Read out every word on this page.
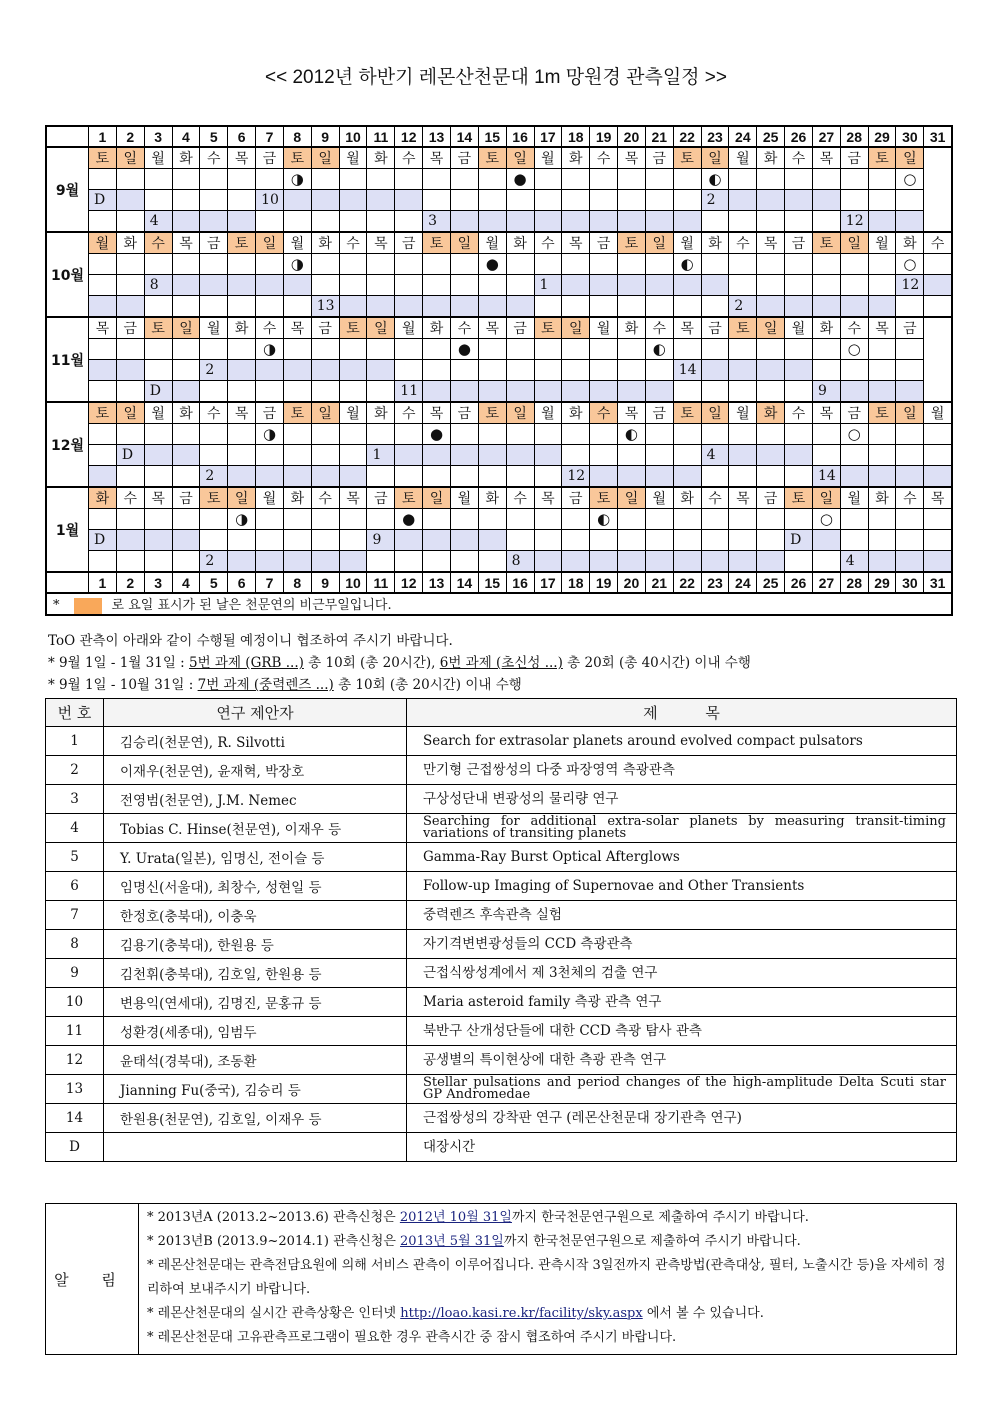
<< 2012년 하반기 레몬산천문대 1m 망원경 관측일정 >>
	1	2	3	4	5	6	7	8	9	10	11	12	13	14	15	16	17	18	19	20	21	22	23	24	25	26	27	28	29	30	31
9월	토	일	월	화	수	목	금	토	일	월	화	수	목	금	토	일	월	화	수	목	금	토	일	월	화	수	목	금	토	일	
								◑								●							◐							○	
	D						10																2								
			4										3															12			
10월	월	화	수	목	금	토	일	월	화	수	목	금	토	일	월	화	수	목	금	토	일	월	화	수	목	금	토	일	월	화	수
								◑							●							◐								○	
			8														1													12	
									13															2							
11월	목	금	토	일	월	화	수	목	금	토	일	월	화	수	목	금	토	일	월	화	수	목	금	토	일	월	화	수	목	금	
							◑							●							◐							○			
					2																	14									
			D									11															9				
12월	토	일	월	화	수	목	금	토	일	월	화	수	목	금	토	일	월	화	수	목	금	토	일	월	화	수	목	금	토	일	월
							◑						●							◐								○			
		D									1												4								
					2													12									14				
1월	화	수	목	금	토	일	월	화	수	목	금	토	일	월	화	수	목	금	토	일	월	화	수	목	금	토	일	월	화	수	목
						◑						●							◐								○				
	D										9															D					
					2											8												4			
	1	2	3	4	5	6	7	8	9	10	11	12	13	14	15	16	17	18	19	20	21	22	23	24	25	26	27	28	29	30	31
* 로 요일 표시가 된 날은 천문연의 비근무일입니다.																															
ToO 관측이 아래와 같이 수행될 예정이니 협조하여 주시기 바랍니다.
* 9월 1일 - 1월 31일 : 5번 과제 (GRB ...) 총 10회 (총 20시간), 6번 과제 (초신성 ...) 총 20회 (총 40시간) 이내 수행
* 9월 1일 - 10월 31일 : 7번 과제 (중력렌즈 ...) 총 10회 (총 20시간) 이내 수행
번 호	연구 제안자	제          목
1	김승리(천문연), R. Silvotti	Search for extrasolar planets around evolved compact pulsators
2	이재우(천문연), 윤재혁, 박장호	만기형 근접쌍성의 다중 파장영역 측광관측
3	전영범(천문연), J.M. Nemec	구상성단내 변광성의 물리량 연구
4	Tobias C. Hinse(천문연), 이재우 등	Searching for additional extra-solar planets by measuring transit-timing variations of transiting planets
5	Y. Urata(일본), 임명신, 전이슬 등	Gamma-Ray Burst Optical Afterglows
6	임명신(서울대), 최창수, 성현일 등	Follow-up Imaging of Supernovae and Other Transients
7	한정호(충북대), 이충욱	중력렌즈 후속관측 실험
8	김용기(충북대), 한원용 등	자기격변변광성들의 CCD 측광관측
9	김천휘(충북대), 김호일, 한원용 등	근접식쌍성계에서 제 3천체의 검출 연구
10	변용익(연세대), 김명진, 문홍규 등	Maria asteroid family 측광 관측 연구
11	성환경(세종대), 임범두	북반구 산개성단들에 대한 CCD 측광 탐사 관측
12	윤태석(경북대), 조동환	공생별의 특이현상에 대한 측광 관측 연구
13	Jianning Fu(중국), 김승리 등	Stellar pulsations and period changes of the high-amplitude Delta Scuti star GP Andromedae
14	한원용(천문연), 김호일, 이재우 등	근접쌍성의 강착판 연구 (레몬산천문대 장기관측 연구)
D		대장시간
알 림	
* 2013년A (2013.2~2013.6) 관측신청은 2012년 10월 31일까지 한국천문연구원으로 제출하여 주시기 바랍니다.
* 2013년B (2013.9~2014.1) 관측신청은 2013년 5월 31일까지 한국천문연구원으로 제출하여 주시기 바랍니다.
* 레몬산천문대는 관측전담요원에 의해 서비스 관측이 이루어집니다. 관측시작 3일전까지 관측방법(관측대상, 필터, 노출시간 등)을 자세히 정리하여 보내주시기 바랍니다.
* 레몬산천문대의 실시간 관측상황은 인터넷 http://loao.kasi.re.kr/facility/sky.aspx 에서 볼 수 있습니다.
* 레몬산천문대 고유관측프로그램이 필요한 경우 관측시간 중 잠시 협조하여 주시기 바랍니다.
